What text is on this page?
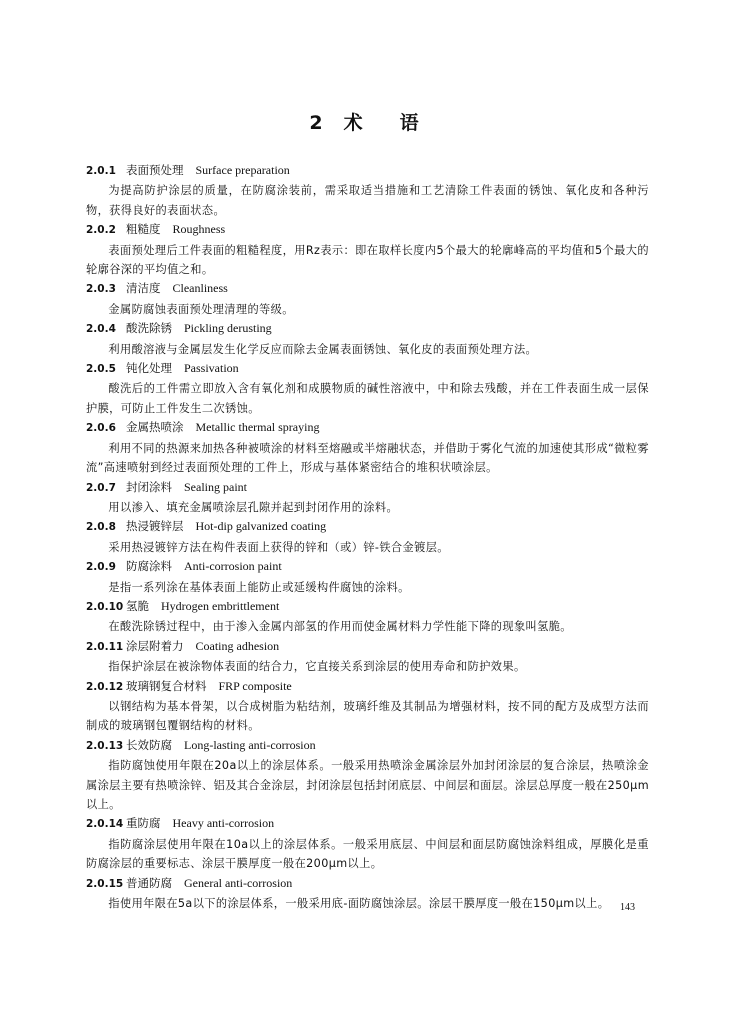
2 术 语
2.0.1 表面预处理 Surface preparation

为提高防护涂层的质量，在防腐涂装前，需采取适当措施和工艺清除工件表面的锈蚀、氧化皮和各种污物，获得良好的表面状态。

2.0.2 粗糙度 Roughness

表面预处理后工件表面的粗糙程度，用Rz表示：即在取样长度内5个最大的轮廓峰高的平均值和5个最大的轮廓谷深的平均值之和。

2.0.3 清洁度 Cleanliness

金属防腐蚀表面预处理清理的等级。

2.0.4 酸洗除锈 Pickling derusting

利用酸溶液与金属层发生化学反应而除去金属表面锈蚀、氧化皮的表面预处理方法。

2.0.5 钝化处理 Passivation

酸洗后的工件需立即放入含有氧化剂和成膜物质的碱性溶液中，中和除去残酸，并在工件表面生成一层保护膜，可防止工件发生二次锈蚀。

2.0.6 金属热喷涂 Metallic thermal spraying

利用不同的热源来加热各种被喷涂的材料至熔融或半熔融状态，并借助于雾化气流的加速使其形成“微粒雾流”高速喷射到经过表面预处理的工件上，形成与基体紧密结合的堆积状喷涂层。

2.0.7 封闭涂料 Sealing paint

用以渗入、填充金属喷涂层孔隙并起到封闭作用的涂料。

2.0.8 热浸镀锌层 Hot-dip galvanized coating

采用热浸镀锌方法在构件表面上获得的锌和（或）锌-铁合金镀层。

2.0.9 防腐涂料 Anti-corrosion paint

是指一系列涂在基体表面上能防止或延缓构件腐蚀的涂料。

2.0.10 氢脆 Hydrogen embrittlement

在酸洗除锈过程中，由于渗入金属内部氢的作用而使金属材料力学性能下降的现象叫氢脆。

2.0.11 涂层附着力 Coating adhesion

指保护涂层在被涂物体表面的结合力，它直接关系到涂层的使用寿命和防护效果。

2.0.12 玻璃钢复合材料 FRP composite

以钢结构为基本骨架，以合成树脂为粘结剂，玻璃纤维及其制品为增强材料，按不同的配方及成型方法而制成的玻璃钢包覆钢结构的材料。

2.0.13 长效防腐 Long-lasting anti-corrosion

指防腐蚀使用年限在20a以上的涂层体系。一般采用热喷涂金属涂层外加封闭涂层的复合涂层，热喷涂金属涂层主要有热喷涂锌、铝及其合金涂层，封闭涂层包括封闭底层、中间层和面层。涂层总厚度一般在250μm以上。

2.0.14 重防腐 Heavy anti-corrosion

指防腐涂层使用年限在10a以上的涂层体系。一般采用底层、中间层和面层防腐蚀涂料组成，厚膜化是重防腐涂层的重要标志、涂层干膜厚度一般在200μm以上。

2.0.15 普通防腐 General anti-corrosion

指使用年限在5a以下的涂层体系，一般采用底-面防腐蚀涂层。涂层干膜厚度一般在150μm以上。	143
